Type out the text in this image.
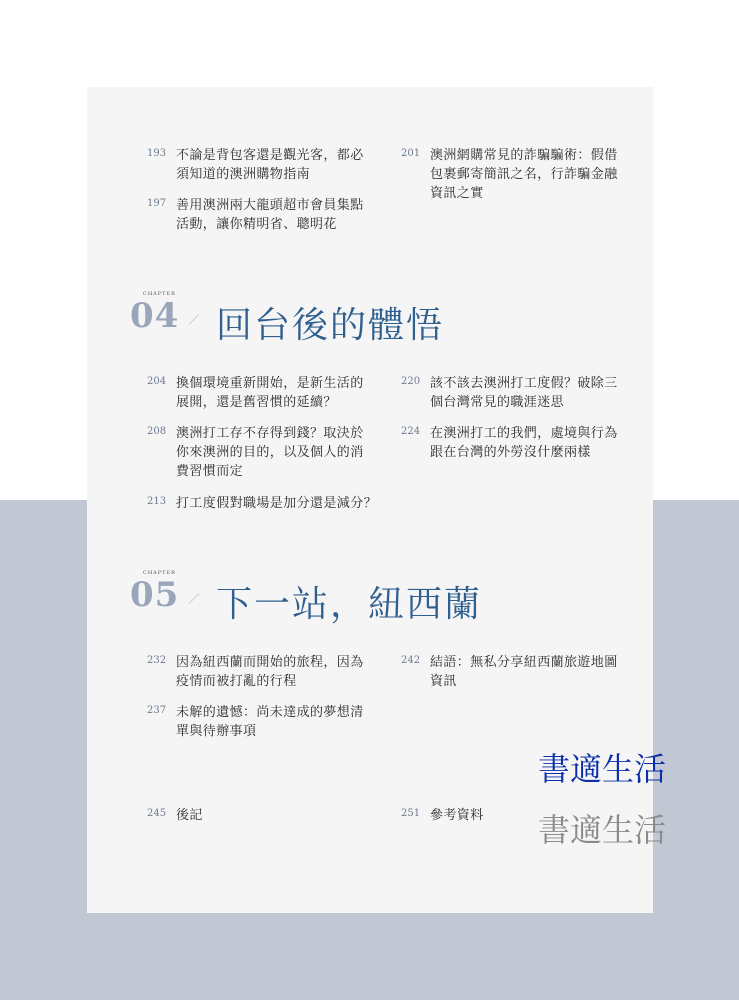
193 不論是背包客還是觀光客，都必須知道的澳洲購物指南
197 善用澳洲兩大龍頭超市會員集點活動，讓你精明省、聰明花
201 澳洲網購常見的詐騙騙術：假借包裹郵寄簡訊之名，行詐騙金融資訊之實
CHAPTER
04 回台後的體悟
204 換個環境重新開始，是新生活的展開，還是舊習慣的延續？
208 澳洲打工存不存得到錢？取決於你來澳洲的目的，以及個人的消費習慣而定
213 打工度假對職場是加分還是減分？
220 該不該去澳洲打工度假？破除三個台灣常見的職涯迷思
224 在澳洲打工的我們，處境與行為跟在台灣的外勞沒什麼兩樣
CHAPTER
05 下一站，紐西蘭
232 因為紐西蘭而開始的旅程，因為疫情而被打亂的行程
237 未解的遺憾：尚未達成的夢想清單與待辦事項
242 結語：無私分享紐西蘭旅遊地圖資訊
245 後記	251 參考資料
書適生活
書適生活
